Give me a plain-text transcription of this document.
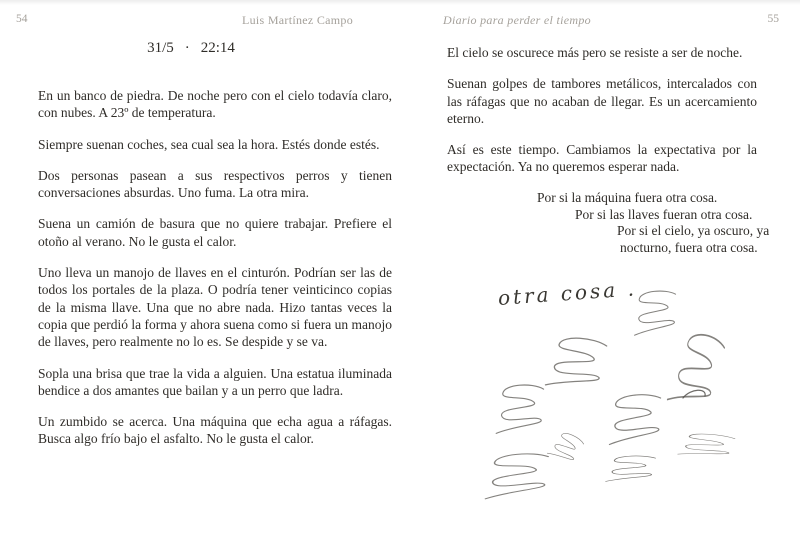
54	Luis Martínez Campo	Diario para perder el tiempo	55
31/5 · 22:14

En un banco de piedra. De noche pero con el cielo todavía claro, con nubes. A 23º de temperatura.

Siempre suenan coches, sea cual sea la hora. Estés donde estés.

Dos personas pasean a sus respectivos perros y tienen conversaciones absurdas. Uno fuma. La otra mira.

Suena un camión de basura que no quiere trabajar. Prefiere el otoño al verano. No le gusta el calor.

Uno lleva un manojo de llaves en el cinturón. Podrían ser las de todos los portales de la plaza. O podría tener veinticinco copias de la misma llave. Una que no abre nada. Hizo tantas veces la copia que perdió la forma y ahora suena como si fuera un manojo de llaves, pero realmente no lo es. Se despide y se va.

Sopla una brisa que trae la vida a alguien. Una estatua iluminada bendice a dos amantes que bailan y a un perro que ladra.

Un zumbido se acerca. Una máquina que echa agua a ráfagas. Busca algo frío bajo el asfalto. No le gusta el calor.

El cielo se oscurece más pero se resiste a ser de noche.

Suenan golpes de tambores metálicos, intercalados con las ráfagas que no acaban de llegar. Es un acercamiento eterno.

Así es este tiempo. Cambiamos la expectativa por la expectación. Ya no queremos esperar nada.

Por si la máquina fuera otra cosa.
Por si las llaves fueran otra cosa.
Por si el cielo, ya oscuro, ya
nocturno, fuera otra cosa.
otra cosa .
